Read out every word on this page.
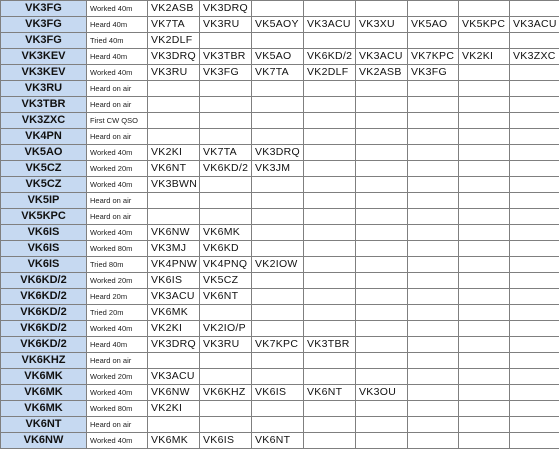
VK3FG	Worked 40m	VK2ASB	VK3DRQ						
VK3FG	Heard 40m	VK7TA	VK3RU	VK5AOY	VK3ACU	VK3XU	VK5AO	VK5KPC	VK3ACU
VK3FG	Tried 40m	VK2DLF							
VK3KEV	Heard 40m	VK3DRQ	VK3TBR	VK5AO	VK6KD/2	VK3ACU	VK7KPC	VK2KI	VK3ZXC
VK3KEV	Worked 40m	VK3RU	VK3FG	VK7TA	VK2DLF	VK2ASB	VK3FG		
VK3RU	Heard on air								
VK3TBR	Heard on air								
VK3ZXC	First CW QSO								
VK4PN	Heard on air								
VK5AO	Worked 40m	VK2KI	VK7TA	VK3DRQ					
VK5CZ	Worked 20m	VK6NT	VK6KD/2	VK3JM					
VK5CZ	Worked 40m	VK3BWN							
VK5IP	Heard on air								
VK5KPC	Heard on air								
VK6IS	Worked 40m	VK6NW	VK6MK						
VK6IS	Worked 80m	VK3MJ	VK6KD						
VK6IS	Tried 80m	VK4PNW	VK4PNQ	VK2IOW					
VK6KD/2	Worked 20m	VK6IS	VK5CZ						
VK6KD/2	Heard 20m	VK3ACU	VK6NT						
VK6KD/2	Tried 20m	VK6MK							
VK6KD/2	Worked 40m	VK2KI	VK2IO/P						
VK6KD/2	Heard 40m	VK3DRQ	VK3RU	VK7KPC	VK3TBR				
VK6KHZ	Heard on air								
VK6MK	Worked 20m	VK3ACU							
VK6MK	Worked 40m	VK6NW	VK6KHZ	VK6IS	VK6NT	VK3OU			
VK6MK	Worked 80m	VK2KI							
VK6NT	Heard on air								
VK6NW	Worked 40m	VK6MK	VK6IS	VK6NT					
